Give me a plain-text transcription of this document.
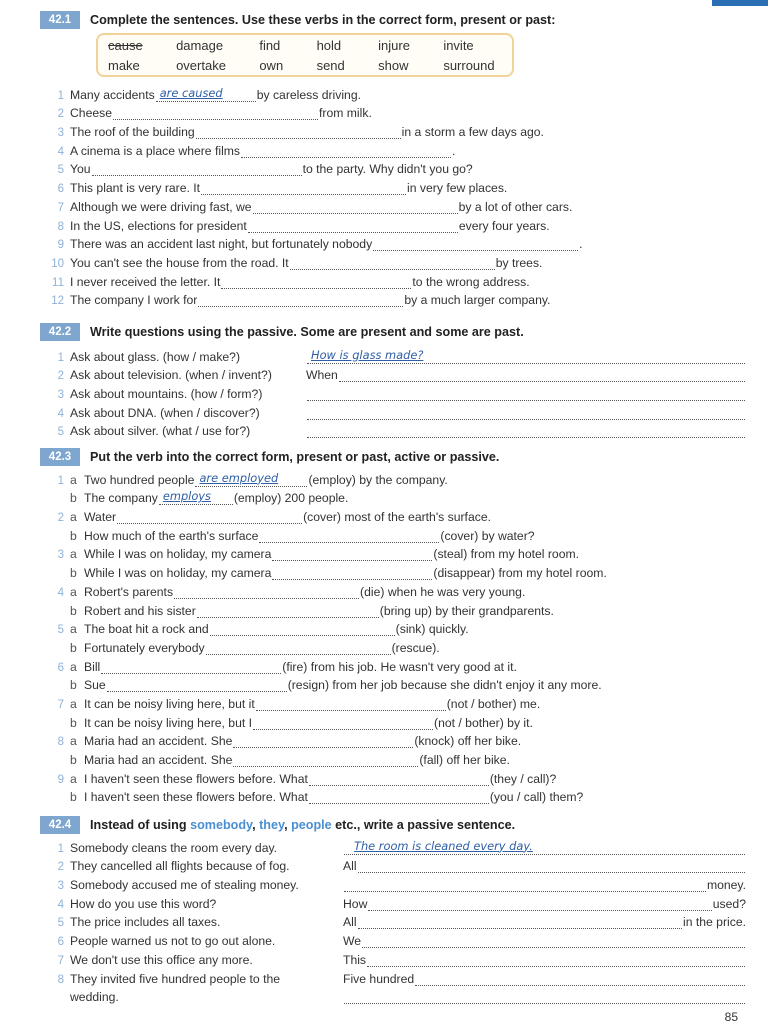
42.1	Complete the sentences. Use these verbs in the correct form, present or past:
cause	damage	find	hold	injure	invite
make	overtake	own	send	show	surround
1 Many accidents are caused	by careless driving.
2 Cheese	from milk.
3 The roof of the building	in a storm a few days ago.
4 A cinema is a place where films	.
5 You	to the party. Why didn't you go?
6 This plant is very rare. It	in very few places.
7 Although we were driving fast, we	by a lot of other cars.
8 In the US, elections for president	every four years.
9 There was an accident last night, but fortunately nobody	.
10 You can't see the house from the road. It	by trees.
11 I never received the letter. It	to the wrong address.
12 The company I work for	by a much larger company.
42.2	Write questions using the passive. Some are present and some are past.
1 Ask about glass. (how / make?)	How is glass made?
2 Ask about television. (when / invent?)	When
3 Ask about mountains. (how / form?)
4 Ask about DNA. (when / discover?)
5 Ask about silver. (what / use for?)
42.3	Put the verb into the correct form, present or past, active or passive.
1 a Two hundred people are employed (employ) by the company.
b The company employs (employ) 200 people.
2 a Water	(cover) most of the earth's surface.
b How much of the earth's surface	(cover) by water?
3 a While I was on holiday, my camera	(steal) from my hotel room.
b While I was on holiday, my camera	(disappear) from my hotel room.
4 a Robert's parents	(die) when he was very young.
b Robert and his sister	(bring up) by their grandparents.
5 a The boat hit a rock and	(sink) quickly.
b Fortunately everybody	(rescue).
6 a Bill	(fire) from his job. He wasn't very good at it.
b Sue	(resign) from her job because she didn't enjoy it any more.
7 a It can be noisy living here, but it	(not / bother) me.
b It can be noisy living here, but I	(not / bother) by it.
8 a Maria had an accident. She	(knock) off her bike.
b Maria had an accident. She	(fall) off her bike.
9 a I haven't seen these flowers before. What	(they / call)?
b I haven't seen these flowers before. What	(you / call) them?
42.4	Instead of using somebody, they, people etc., write a passive sentence.
1 Somebody cleans the room every day.	The room is cleaned every day.
2 They cancelled all flights because of fog.	All
3 Somebody accused me of stealing money.	money.
4 How do you use this word?	How	used?
5 The price includes all taxes.	All	in the price.
6 People warned us not to go out alone.	We
7 We don't use this office any more.	This
8 They invited five hundred people to the	Five hundred
wedding.
85
